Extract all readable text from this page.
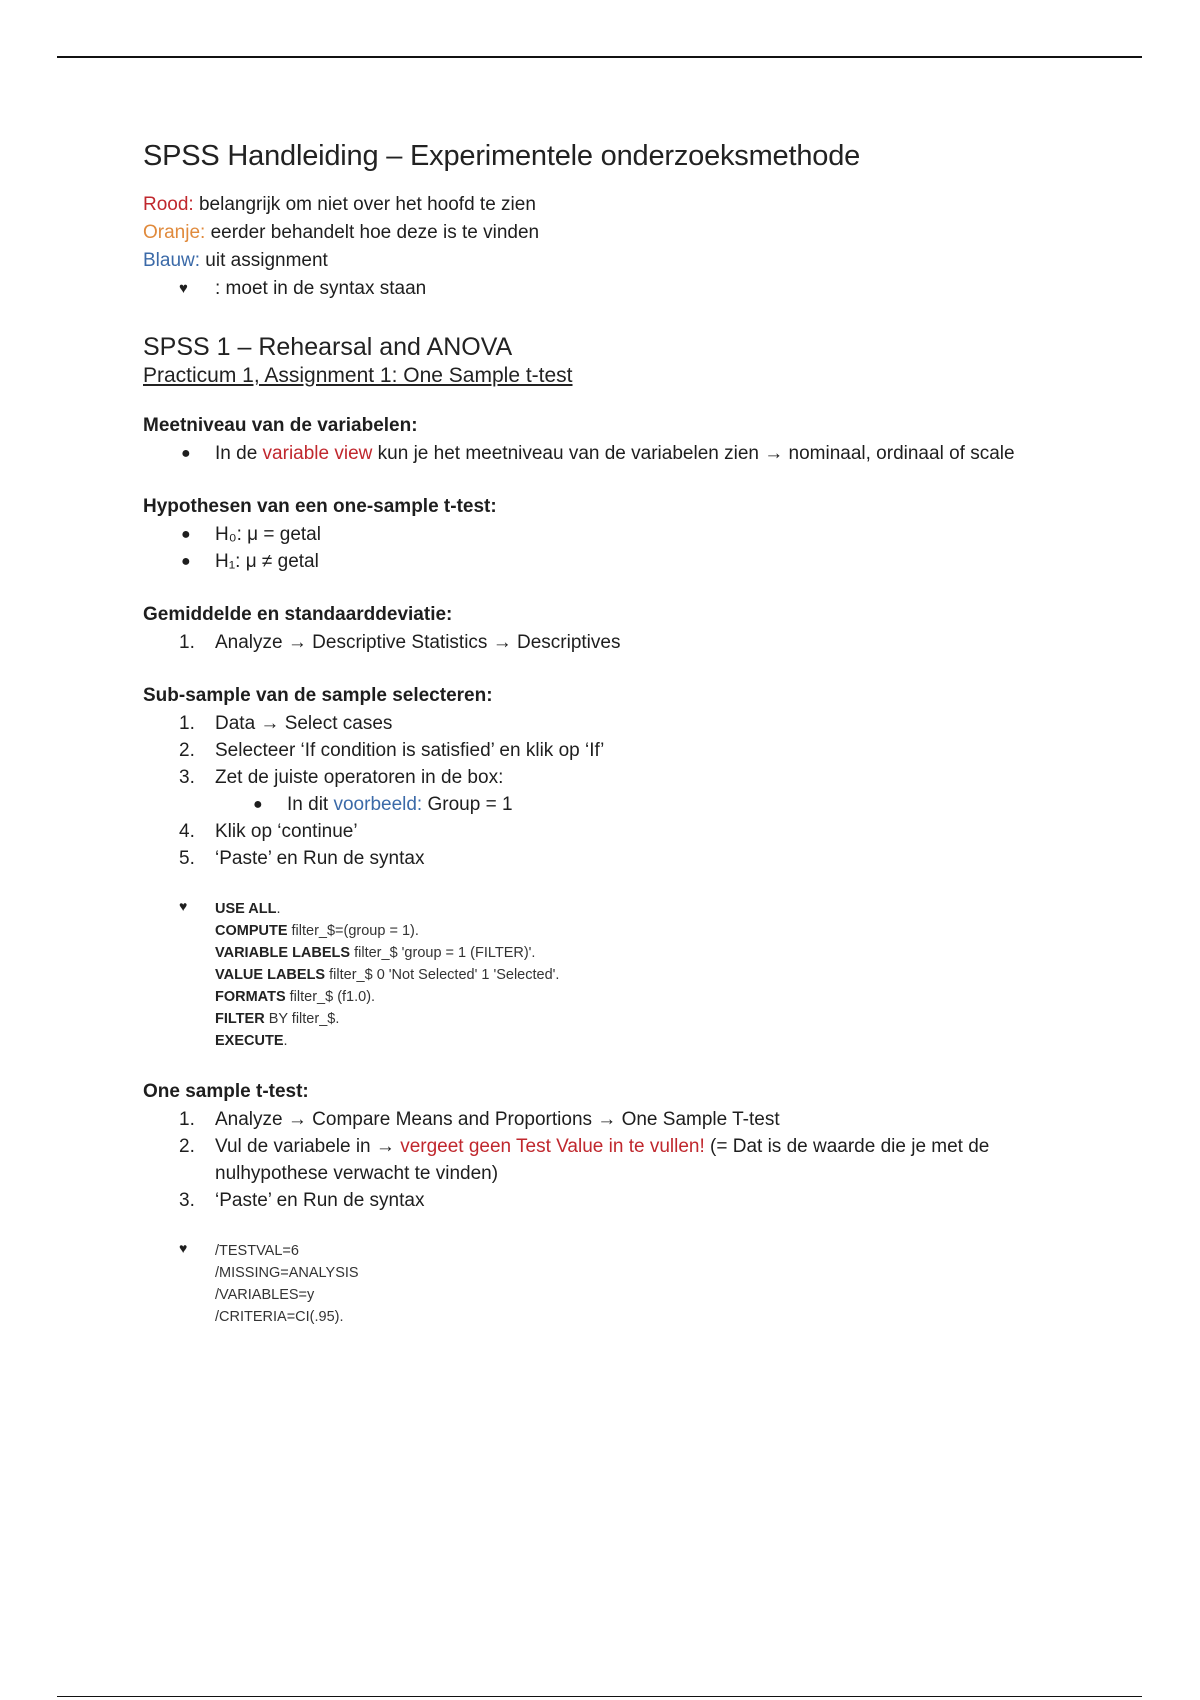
SPSS Handleiding – Experimentele onderzoeksmethode
Rood: belangrijk om niet over het hoofd te zien
Oranje: eerder behandelt hoe deze is te vinden
Blauw: uit assignment
♥	: moet in de syntax staan
SPSS 1 – Rehearsal and ANOVA
Practicum 1, Assignment 1: One Sample t-test
Meetniveau van de variabelen:
● In de variable view kun je het meetniveau van de variabelen zien → nominaal, ordinaal of scale
Hypothesen van een one-sample t-test:
● H₀: μ = getal
● H₁: μ ≠ getal
Gemiddelde en standaarddeviatie:
1. Analyze → Descriptive Statistics → Descriptives
Sub-sample van de sample selecteren:
1. Data → Select cases
2. Selecteer ‘If condition is satisfied’ en klik op ‘If’
3. Zet de juiste operatoren in de box:
● In dit voorbeeld: Group = 1
4. Klik op ‘continue’
5. ‘Paste’ en Run de syntax
♥	USE ALL.
COMPUTE filter_$=(group = 1).
VARIABLE LABELS filter_$ 'group = 1 (FILTER)'.
VALUE LABELS filter_$ 0 'Not Selected' 1 'Selected'.
FORMATS filter_$ (f1.0).
FILTER BY filter_$.
EXECUTE.
One sample t-test:
1. Analyze → Compare Means and Proportions → One Sample T-test
2. Vul de variabele in → vergeet geen Test Value in te vullen! (= Dat is de waarde die je met de nulhypothese verwacht te vinden)
3. ‘Paste’ en Run de syntax
♥	/TESTVAL=6
/MISSING=ANALYSIS
/VARIABLES=y
/CRITERIA=CI(.95).
